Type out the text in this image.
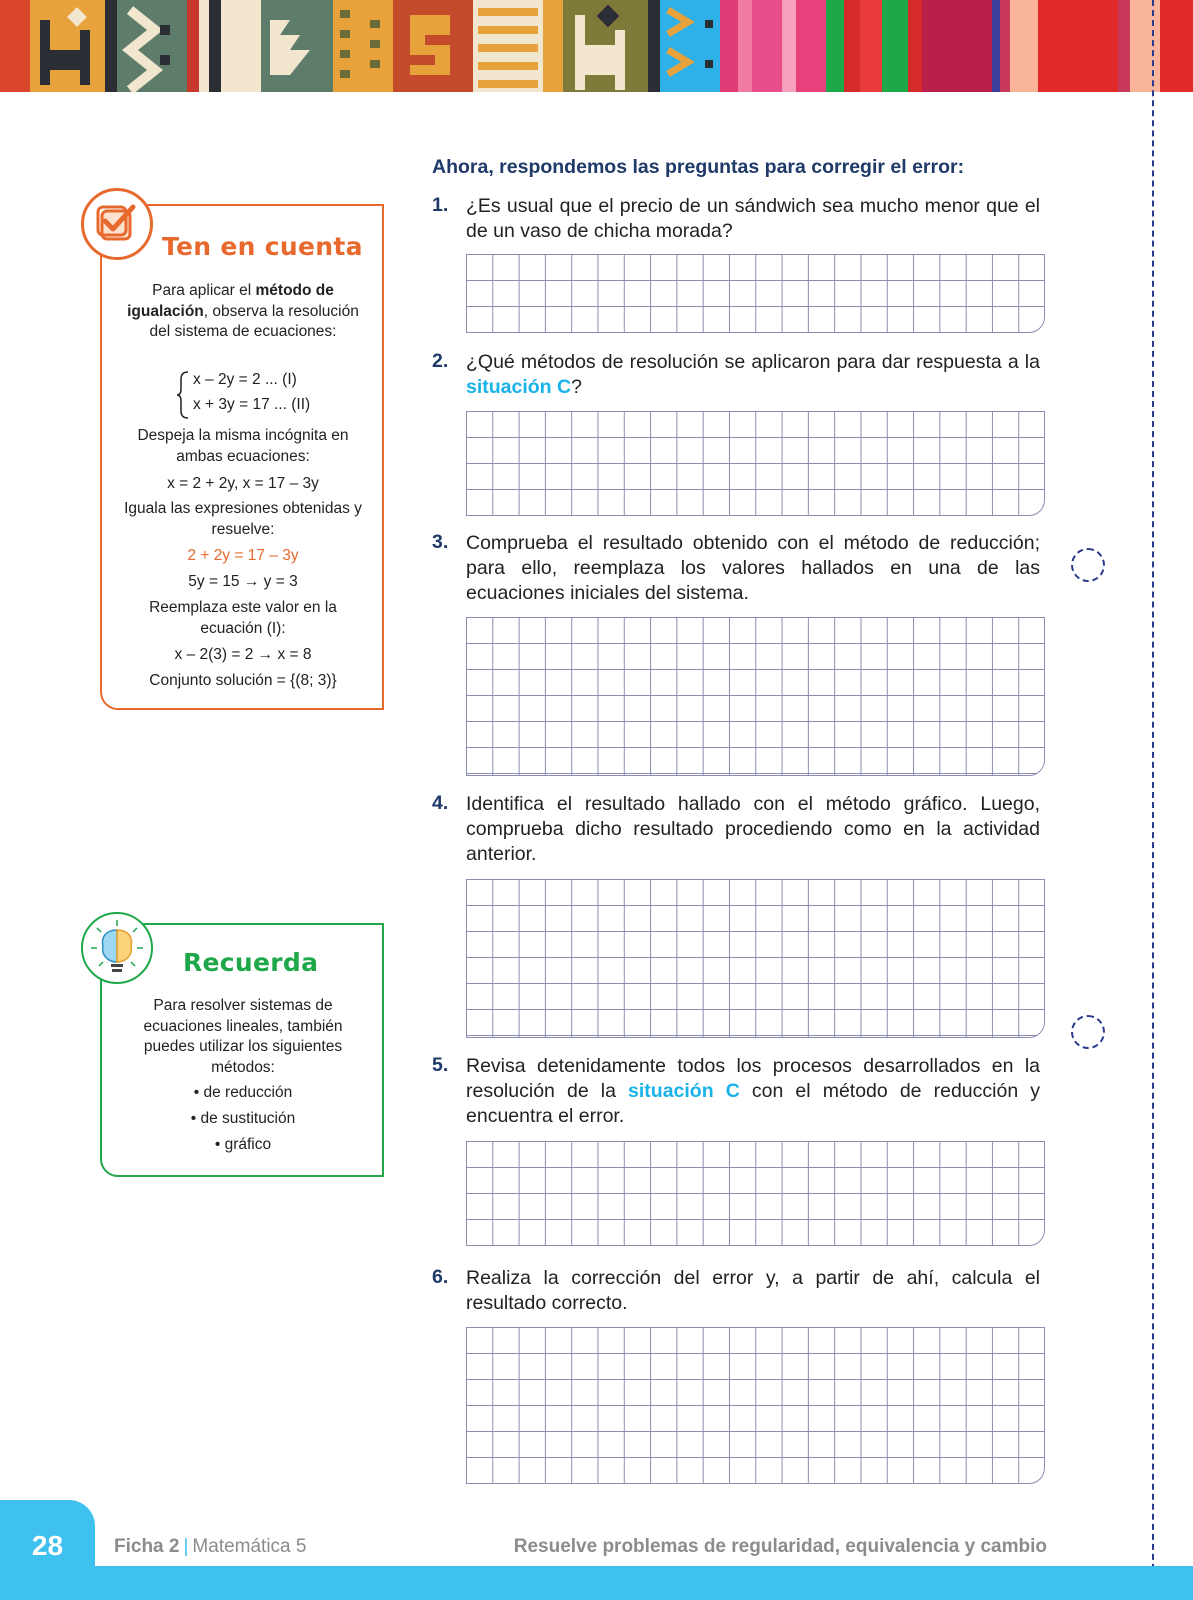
Ten en cuenta

Para aplicar el método de igualación, observa la resolución del sistema de ecuaciones:

x – 2y = 2 ... (I)
x + 3y = 17 ... (II)
Despeja la misma incógnita en ambas ecuaciones:
x = 2 + 2y, x = 17 – 3y
Iguala las expresiones obtenidas y resuelve:
2 + 2y = 17 – 3y
5y = 15 → y = 3
Reemplaza este valor en la ecuación (I):
x – 2(3) = 2 → x = 8
Conjunto solución = {(8; 3)}
Recuerda
Para resolver sistemas de ecuaciones lineales, también puedes utilizar los siguientes métodos:
• de reducción
• de sustitución
• gráfico
Ahora, respondemos las preguntas para corregir el error:
1. ¿Es usual que el precio de un sándwich sea mucho menor que el de un vaso de chicha morada?
2. ¿Qué métodos de resolución se aplicaron para dar respuesta a la situación C?
3. Comprueba el resultado obtenido con el método de reducción; para ello, reemplaza los valores hallados en una de las ecuaciones iniciales del sistema.
4. Identifica el resultado hallado con el método gráfico. Luego, comprueba dicho resultado procediendo como en la actividad anterior.
5. Revisa detenidamente todos los procesos desarrollados en la resolución de la situación C con el método de reducción y encuentra el error.
6. Realiza la corrección del error y, a partir de ahí, calcula el resultado correcto.
28	Ficha 2 | Matemática 5	Resuelve problemas de regularidad, equivalencia y cambio
